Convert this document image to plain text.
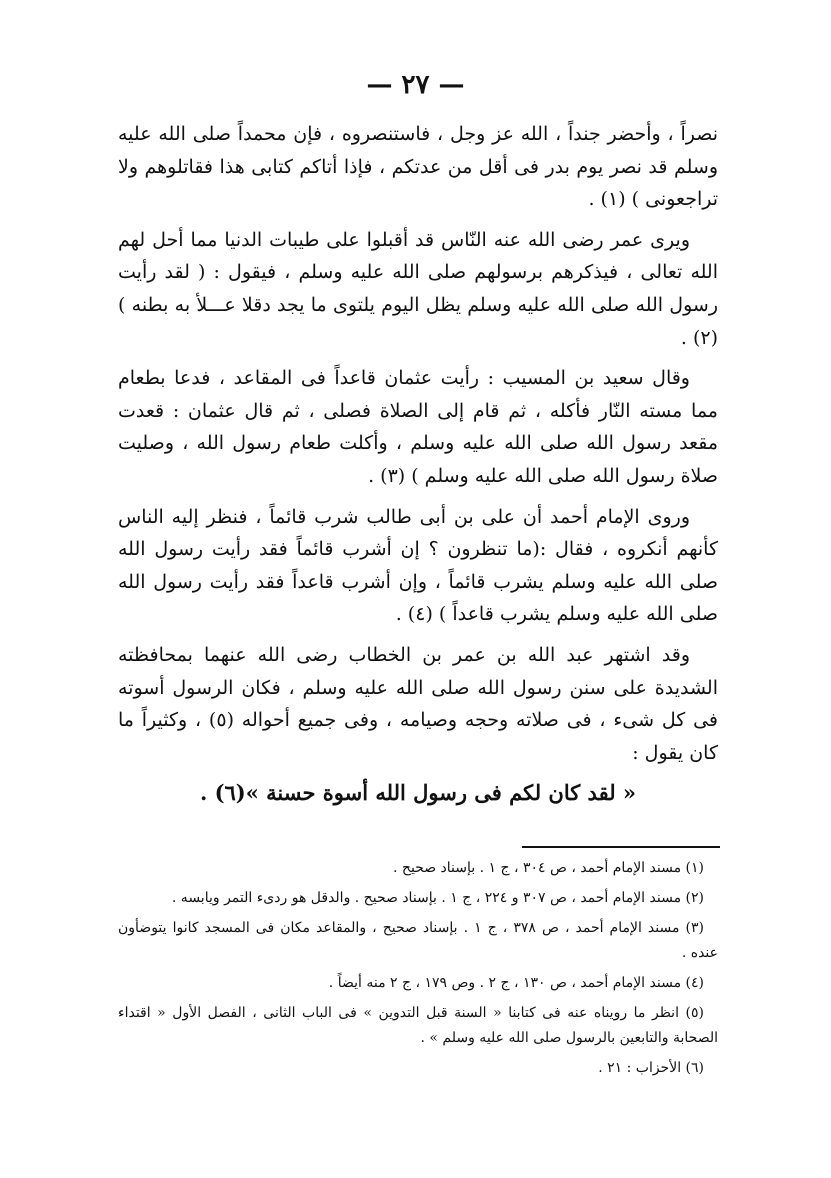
— ٢٧ —

نصراً ، وأحضر جنداً ، الله عز وجل ، فاستنصروه ، فإن محمداً صلى الله عليه وسلم قد نصر يوم بدر فى أقل من عدتكم ، فإذا أتاكم كتابى هذا فقاتلوهم ولا تراجعونى ) (١) .

ويرى عمر رضى الله عنه النّاس قد أقبلوا على طيبات الدنيا مما أحل لهم الله تعالى ، فيذكرهم برسولهم صلى الله عليه وسلم ، فيقول : ( لقد رأيت رسول الله صلى الله عليه وسلم يظل اليوم يلتوى ما يجد دقلا عـــلأ به بطنه ) (٢) .

وقال سعيد بن المسيب : رأيت عثمان قاعداً فى المقاعد ، فدعا بطعام مما مسته النّار فأكله ، ثم قام إلى الصلاة فصلى ، ثم قال عثمان : قعدت مقعد رسول الله صلى الله عليه وسلم ، وأكلت طعام رسول الله ، وصليت صلاة رسول الله صلى الله عليه وسلم ) (٣) .

وروى الإمام أحمد أن على بن أبى طالب شرب قائماً ، فنظر إليه الناس كأنهم أنكروه ، فقال :(ما تنظرون ؟ إن أشرب قائماً فقد رأيت رسول الله صلى الله عليه وسلم يشرب قائماً ، وإن أشرب قاعداً فقد رأيت رسول الله صلى الله عليه وسلم يشرب قاعداً ) (٤) .

وقد اشتهر عبد الله بن عمر بن الخطاب رضى الله عنهما بمحافظته الشديدة على سنن رسول الله صلى الله عليه وسلم ، فكان الرسول أسوته فى كل شىء ، فى صلاته وحجه وصيامه ، وفى جميع أحواله (٥) ، وكثيراً ما كان يقول :

« لقد كان لكم فى رسول الله أسوة حسنة »(٦) .

(١) مسند الإمام أحمد ، ص ٣٠٤ ، ج ١ . بإسناد صحيح .

(٢) مسند الإمام أحمد ، ص ٣٠٧ و ٢٢٤ ، ج ١ . بإسناد صحيح . والدقل هو ردىء التمر ويابسه .

(٣) مسند الإمام أحمد ، ص ٣٧٨ ، ج ١ . بإسناد صحيح ، والمقاعد مكان فى المسجد كانوا يتوضأون عنده .

(٤) مسند الإمام أحمد ، ص ١٣٠ ، ج ٢ . وص ١٧٩ ، ج ٢ منه أيضاً .

(٥) انظر ما رويناه عنه فى كتابنا « السنة قبل التدوين » فى الباب الثانى ، الفصل الأول « اقتداء الصحابة والتابعين بالرسول صلى الله عليه وسلم » .

(٦) الأحزاب : ٢١ .
